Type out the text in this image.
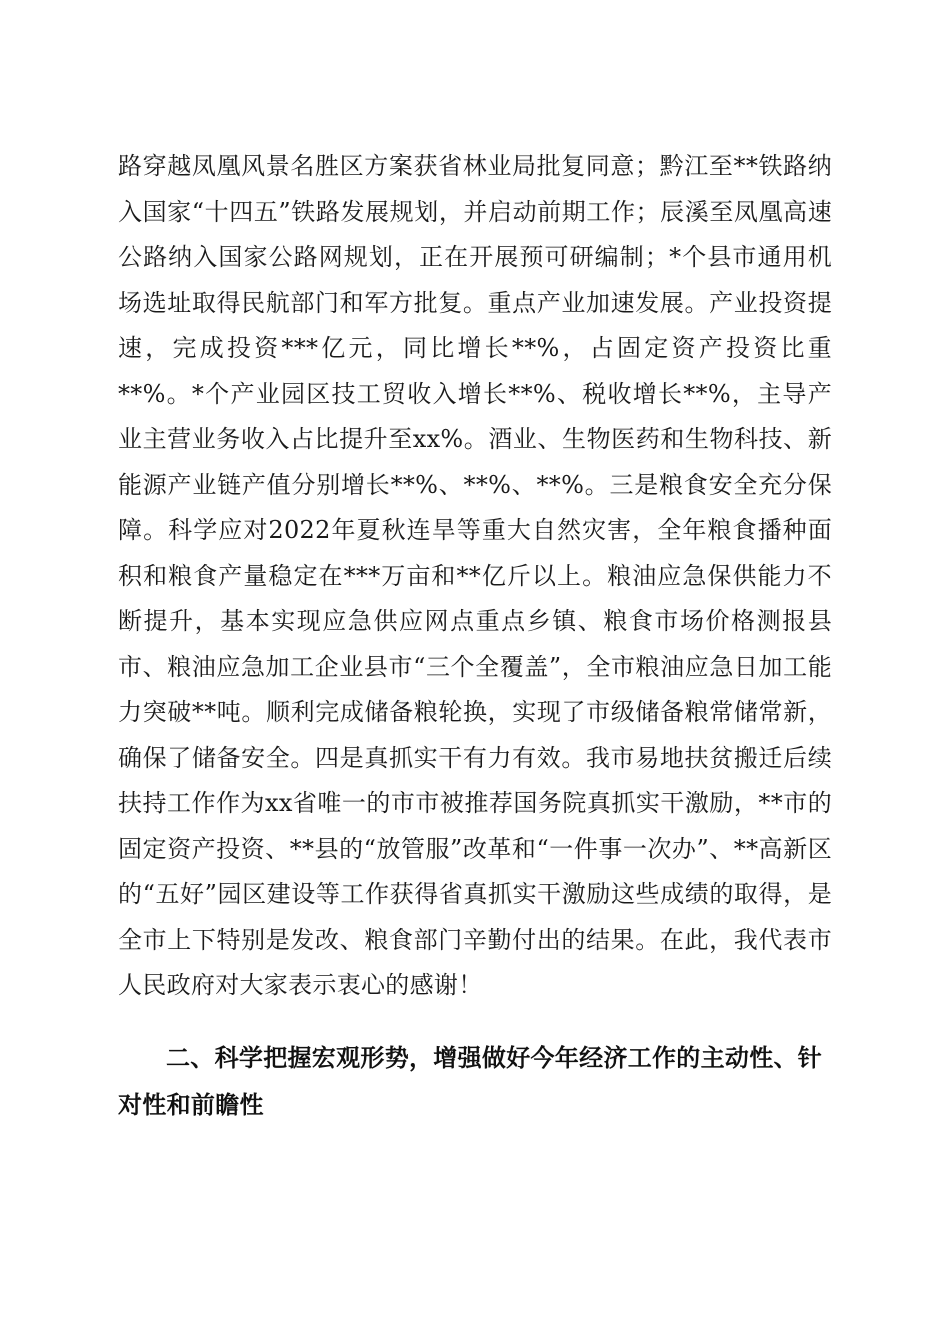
路穿越凤凰风景名胜区方案获省林业局批复同意；黔江至**铁路纳入国家“十四五”铁路发展规划，并启动前期工作；辰溪至凤凰高速公路纳入国家公路网规划，正在开展预可研编制；*个县市通用机场选址取得民航部门和军方批复。重点产业加速发展。产业投资提速，完成投资***亿元，同比增长**%，占固定资产投资比重**%。*个产业园区技工贸收入增长**%、税收增长**%，主导产业主营业务收入占比提升至xx%。酒业、生物医药和生物科技、新能源产业链产值分别增长**%、**%、**%。三是粮食安全充分保障。科学应对2022年夏秋连旱等重大自然灾害，全年粮食播种面积和粮食产量稳定在***万亩和**亿斤以上。粮油应急保供能力不断提升，基本实现应急供应网点重点乡镇、粮食市场价格测报县市、粮油应急加工企业县市“三个全覆盖”，全市粮油应急日加工能力突破**吨。顺利完成储备粮轮换，实现了市级储备粮常储常新，确保了储备安全。四是真抓实干有力有效。我市易地扶贫搬迁后续扶持工作作为xx省唯一的市市被推荐国务院真抓实干激励，**市的固定资产投资、**县的“放管服”改革和“一件事一次办”、**高新区的“五好”园区建设等工作获得省真抓实干激励这些成绩的取得，是全市上下特别是发改、粮食部门辛勤付出的结果。在此，我代表市人民政府对大家表示衷心的感谢！

二、科学把握宏观形势，增强做好今年经济工作的主动性、针对性和前瞻性
